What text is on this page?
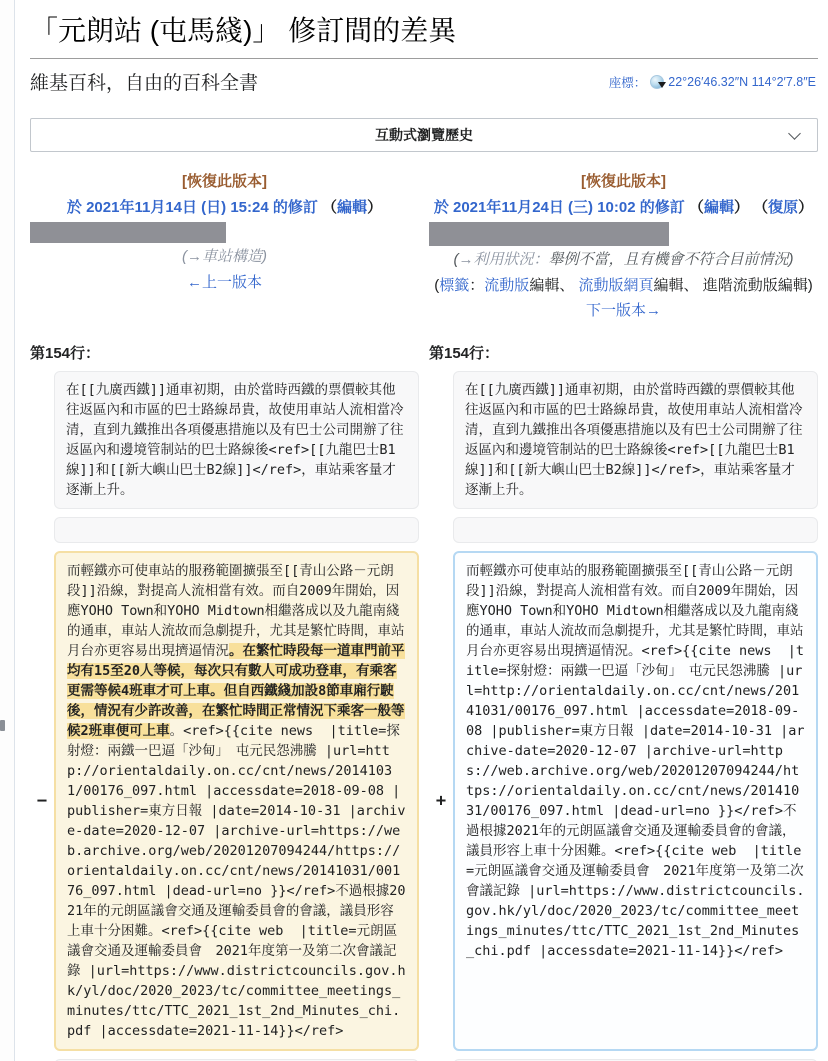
「元朗站 (屯馬綫)」 修訂間的差異
維基百科，自由的百科全書	座標： 22°26′46.32″N 114°2′7.8″E
互動式瀏覽歷史
[恢復此版本]
於 2021年11月14日 (日) 15:24 的修訂 （編輯）
(→車站構造)
←上一版本
[恢復此版本]
於 2021年11月24日 (三) 10:02 的修訂 （編輯） （復原）
(→利用狀況：舉例不當，且有機會不符合目前情況)
(標籤：流動版編輯、 流動版網頁編輯、 進階流動版編輯)
下一版本→
第154行：	第154行：
在[[九廣西鐵]]通車初期，由於當時西鐵的票價較其他往返區內和市區的巴士路線昂貴，故使用車站人流相當冷清，直到九鐵推出各項優惠措施以及有巴士公司開辦了往返區內和邊境管制站的巴士路線後<ref>[[九龍巴士B1線]]和[[新大嶼山巴士B2線]]</ref>，車站乘客量才逐漸上升。
在[[九廣西鐵]]通車初期，由於當時西鐵的票價較其他往返區內和市區的巴士路線昂貴，故使用車站人流相當冷清，直到九鐵推出各項優惠措施以及有巴士公司開辦了往返區內和邊境管制站的巴士路線後<ref>[[九龍巴士B1線]]和[[新大嶼山巴士B2線]]</ref>，車站乘客量才逐漸上升。
−
而輕鐵亦可使車站的服務範圍擴張至[[青山公路－元朗段]]沿線，對提高人流相當有效。而自2009年開始，因應YOHO Town和YOHO Midtown相繼落成以及九龍南綫的通車，車站人流故而急劇提升，尤其是繁忙時間，車站月台亦更容易出現擠逼情況。在繁忙時段每一道車門前平均有15至20人等候，每次只有數人可成功登車，有乘客更需等候4班車才可上車。但自西鐵綫加設8節車廂行駛後，情況有少許改善，在繁忙時間正常情況下乘客一般等候2班車便可上車。<ref>{{cite news  |title=探射燈：兩鐵一巴逼「沙甸」　屯元民怨沸騰 |url=http://orientaldaily.on.cc/cnt/news/20141031/00176_097.html |accessdate=2018-09-08 |publisher=東方日報 |date=2014-10-31 |archive-date=2020-12-07 |archive-url=https://web.archive.org/web/20201207094244/https://orientaldaily.on.cc/cnt/news/20141031/00176_097.html |dead-url=no }}</ref>不過根據2021年的元朗區議會交通及運輸委員會的會議，議員形容上車十分困難。<ref>{{cite web  |title=元朗區議會交通及運輸委員會　2021年度第一及第二次會議記錄 |url=https://www.districtcouncils.gov.hk/yl/doc/2020_2023/tc/committee_meetings_minutes/ttc/TTC_2021_1st_2nd_Minutes_chi.pdf |accessdate=2021-11-14}}</ref>
+
而輕鐵亦可使車站的服務範圍擴張至[[青山公路－元朗段]]沿線，對提高人流相當有效。而自2009年開始，因應YOHO Town和YOHO Midtown相繼落成以及九龍南綫的通車，車站人流故而急劇提升，尤其是繁忙時間，車站月台亦更容易出現擠逼情況。<ref>{{cite news  |title=探射燈：兩鐵一巴逼「沙甸」　屯元民怨沸騰 |url=http://orientaldaily.on.cc/cnt/news/20141031/00176_097.html |accessdate=2018-09-08 |publisher=東方日報 |date=2014-10-31 |archive-date=2020-12-07 |archive-url=https://web.archive.org/web/20201207094244/https://orientaldaily.on.cc/cnt/news/20141031/00176_097.html |dead-url=no }}</ref>不過根據2021年的元朗區議會交通及運輸委員會的會議，議員形容上車十分困難。<ref>{{cite web  |title=元朗區議會交通及運輸委員會　2021年度第一及第二次會議記錄 |url=https://www.districtcouncils.gov.hk/yl/doc/2020_2023/tc/committee_meetings_minutes/ttc/TTC_2021_1st_2nd_Minutes_chi.pdf |accessdate=2021-11-14}}</ref>
